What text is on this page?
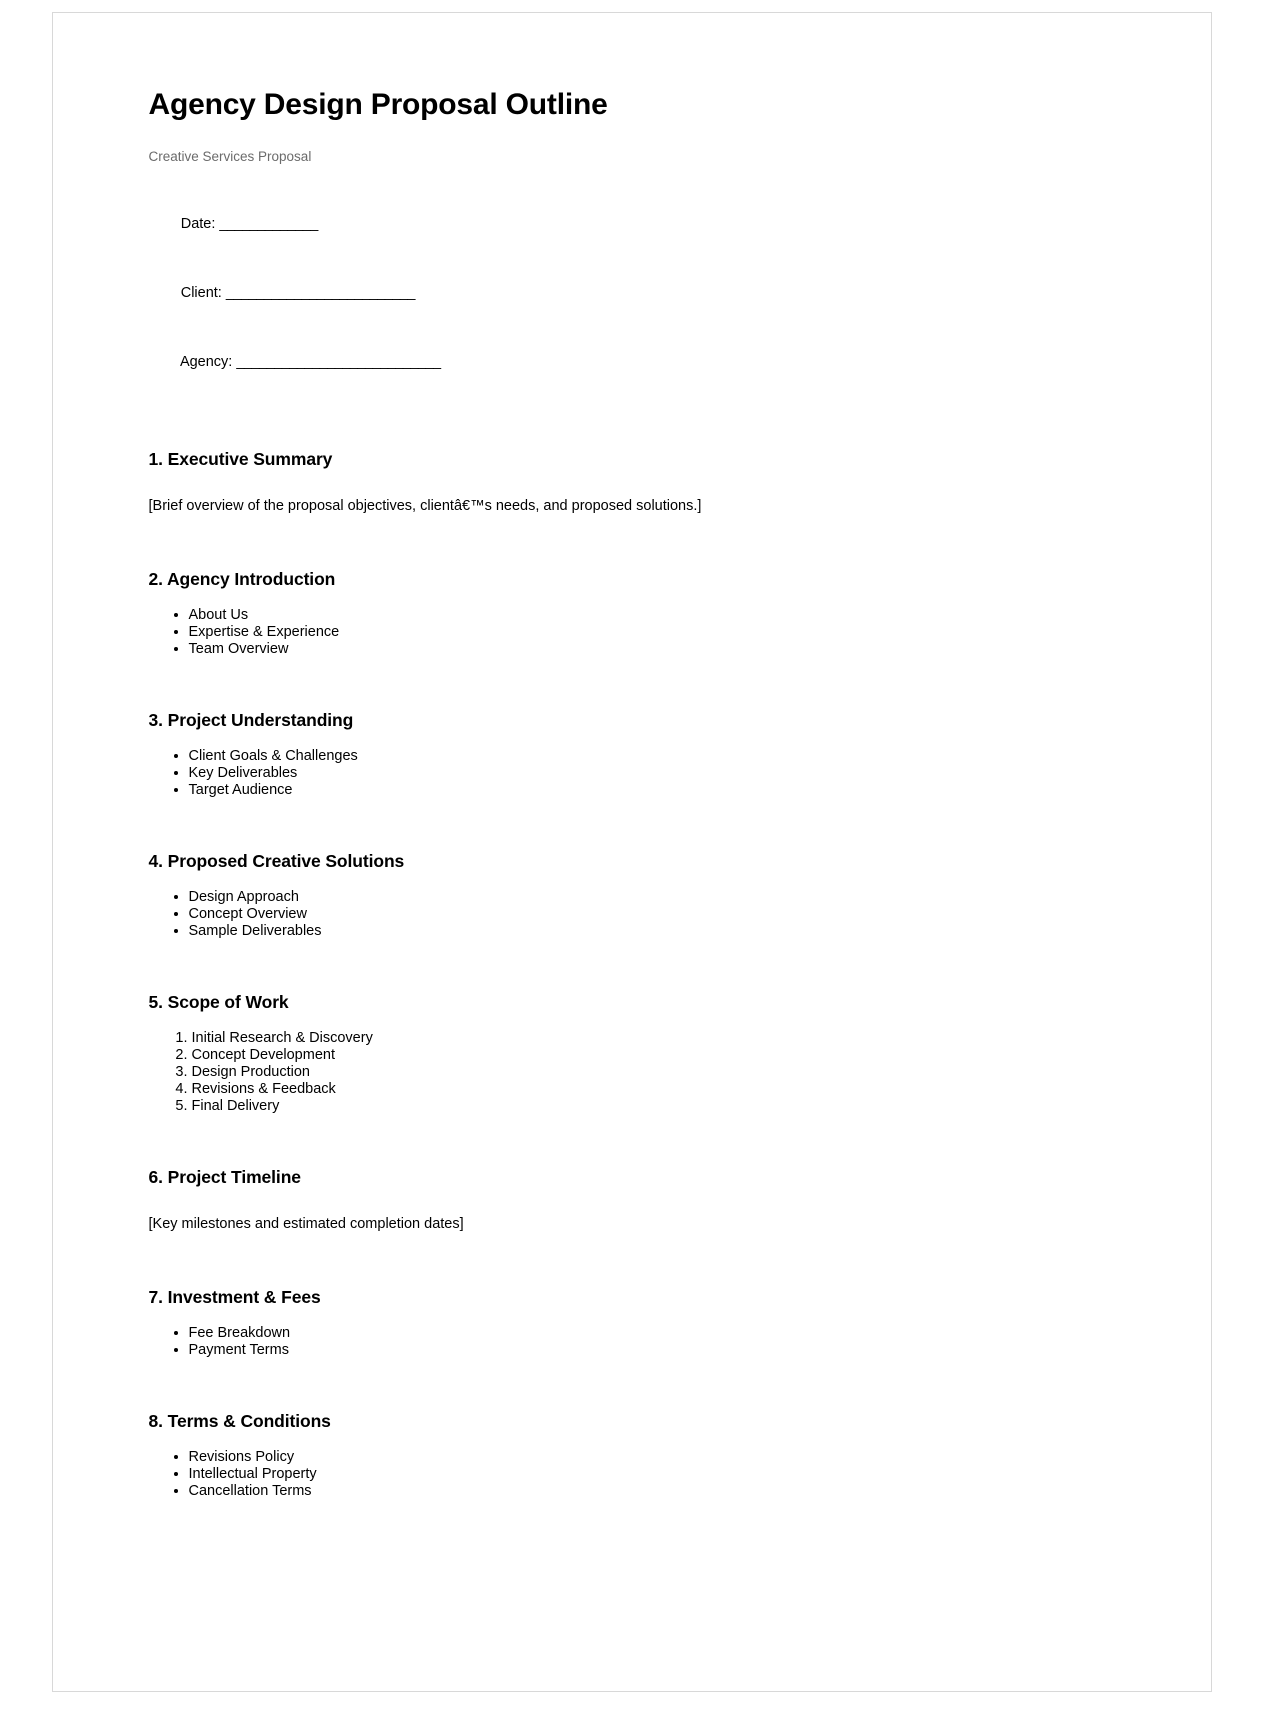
Agency Design Proposal Outline

Creative Services Proposal

Date: _____________

Client: _________________________

Agency: ___________________________

1. Executive Summary

[Brief overview of the proposal objectives, clientâ€™s needs, and proposed solutions.]

2. Agency Introduction
• About Us
• Expertise & Experience
• Team Overview
3. Project Understanding
• Client Goals & Challenges
• Key Deliverables
• Target Audience
4. Proposed Creative Solutions
• Design Approach
• Concept Overview
• Sample Deliverables
5. Scope of Work
1. Initial Research & Discovery
2. Concept Development
3. Design Production
4. Revisions & Feedback
5. Final Delivery
6. Project Timeline

[Key milestones and estimated completion dates]

7. Investment & Fees
• Fee Breakdown
• Payment Terms
8. Terms & Conditions
• Revisions Policy
• Intellectual Property
• Cancellation Terms
